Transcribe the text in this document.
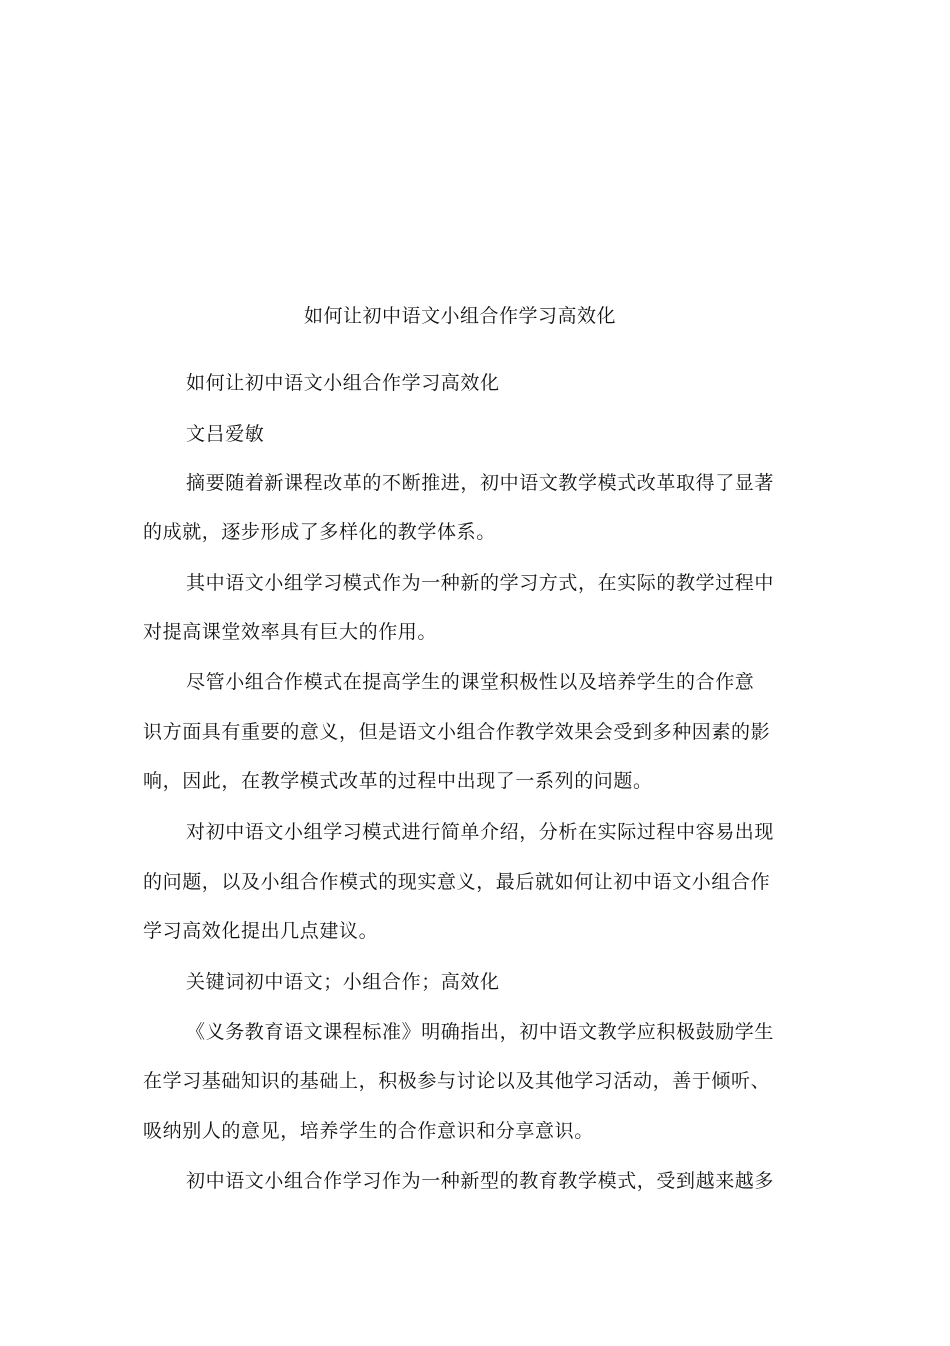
如何让初中语文小组合作学习高效化
如何让初中语文小组合作学习高效化
文吕爱敏
摘要随着新课程改革的不断推进，初中语文教学模式改革取得了显著
的成就，逐步形成了多样化的教学体系。
其中语文小组学习模式作为一种新的学习方式，在实际的教学过程中
对提高课堂效率具有巨大的作用。
尽管小组合作模式在提高学生的课堂积极性以及培养学生的合作意
识方面具有重要的意义，但是语文小组合作教学效果会受到多种因素的影
响，因此，在教学模式改革的过程中出现了一系列的问题。
对初中语文小组学习模式进行简单介绍，分析在实际过程中容易出现
的问题，以及小组合作模式的现实意义，最后就如何让初中语文小组合作
学习高效化提出几点建议。
关键词初中语文；小组合作；高效化
《义务教育语文课程标准》明确指出，初中语文教学应积极鼓励学生
在学习基础知识的基础上，积极参与讨论以及其他学习活动，善于倾听、
吸纳别人的意见，培养学生的合作意识和分享意识。
初中语文小组合作学习作为一种新型的教育教学模式，受到越来越多
